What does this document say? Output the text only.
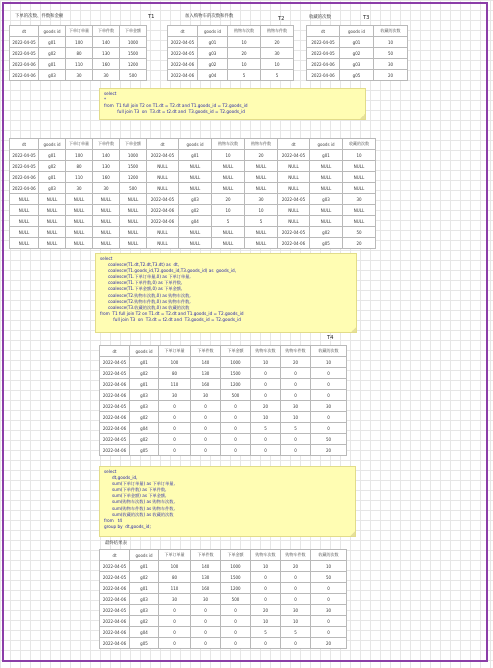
下单的次数、件数和金额	T1	加入购物车的次数和件数	T2	收藏的次数	T3
dt	goods id	下单订单量	下单件数	下单金额
2022-04-05	g01	100	140	1000
2022-04-05	g02	80	130	1500
2022-04-06	g01	110	160	1200
2022-04-06	g03	30	30	500
dt	goods id	购物车次数	购物车件数
2022-04-05	g01	10	20
2022-04-05	g03	20	30
2022-04-06	g02	10	10
2022-04-06	g04	5	5
dt	goods id	收藏的次数
2022-04-05	g01	10
2022-04-05	g02	50
2022-04-06	g03	30
2022-04-06	g05	20
select
*
from  T1 full join T2 on T1.dt = T2.dt and T1.goods_id = T2.goods_id
full join T3  on  T3.dt = t2.dt and  T3.goods_id = T2.goods_id
dt	goods id	下单订单量	下单件数	下单金额	dt	goods id	购物车次数	购物车件数	dt	goods id	收藏的次数
2022-04-05	g01	100	140	1000	2022-04-05	g01	10	20	2022-04-05	g01	10
2022-04-05	g02	80	130	1500	NULL	NULL	NULL	NULL	NULL	NULL	NULL
2022-04-06	g01	110	160	1200	NULL	NULL	NULL	NULL	NULL	NULL	NULL
2022-04-06	g03	30	30	500	NULL	NULL	NULL	NULL	NULL	NULL	NULL
NULL	NULL	NULL	NULL	NULL	2022-04-05	g03	20	30	2022-04-05	g03	30
NULL	NULL	NULL	NULL	NULL	2022-04-06	g02	10	10	NULL	NULL	NULL
NULL	NULL	NULL	NULL	NULL	2022-04-06	g04	5	5	NULL	NULL	NULL
NULL	NULL	NULL	NULL	NULL	NULL	NULL	NULL	NULL	2022-04-05	g02	50
NULL	NULL	NULL	NULL	NULL	NULL	NULL	NULL	NULL	2022-04-06	g05	20
select
coalesce(T1.dt,T2.dt,T3.dt) as  dt,
coalesce(T1.goods_id,T2.goods_id,T3.goods_id) as  goods_id,
coalesce(T1.下单订单量,0) as 下单订单量,
coalesce(T1.下单件数,0) as 下单件数,
coalesce(T1.下单金额,0) as 下单金额,
coalesce(T2.购物车次数,0) as 购物车次数,
coalesce(T2.购物车件数,0) as 购物车件数,
coalesce(T3.收藏的次数,0) as 收藏的次数
from  T1 full join T2 on T1.dt = T2.dt and T1.goods_id = T2.goods_id
full join T3  on  T3.dt = t2.dt and  T3.goods_id = T2.goods_id
T4
dt	goods id	下单订单量	下单件数	下单金额	购物车次数	购物车件数	收藏的次数
2022-04-05	g01	100	140	1000	10	20	10
2022-04-05	g02	80	130	1500	0	0	0
2022-04-06	g01	110	160	1200	0	0	0
2022-04-06	g03	30	30	500	0	0	0
2022-04-05	g03	0	0	0	20	30	30
2022-04-06	g02	0	0	0	10	10	0
2022-04-06	g04	0	0	0	5	5	0
2022-04-05	g02	0	0	0	0	0	50
2022-04-06	g05	0	0	0	0	0	20
select
dt,goods_id,
sum(下单订单量) as 下单订单量,
sum(下单件数) as 下单件数,
sum(下单金额) as 下单金额,
sum(购物车次数) as 购物车次数,
sum(购物车件数) as 购物车件数,
sum(收藏的次数) as 收藏的次数
from   t4
group by  dt,goods_id;
最终结果表
dt	goods id	下单订单量	下单件数	下单金额	购物车次数	购物车件数	收藏的次数
2022-04-05	g01	100	140	1000	10	20	10
2022-04-05	g02	80	130	1500	0	0	50
2022-04-06	g01	110	160	1200	0	0	0
2022-04-06	g03	30	30	500	0	0	0
2022-04-05	g03	0	0	0	20	30	30
2022-04-06	g02	0	0	0	10	10	0
2022-04-06	g04	0	0	0	5	5	0
2022-04-06	g05	0	0	0	0	0	20
